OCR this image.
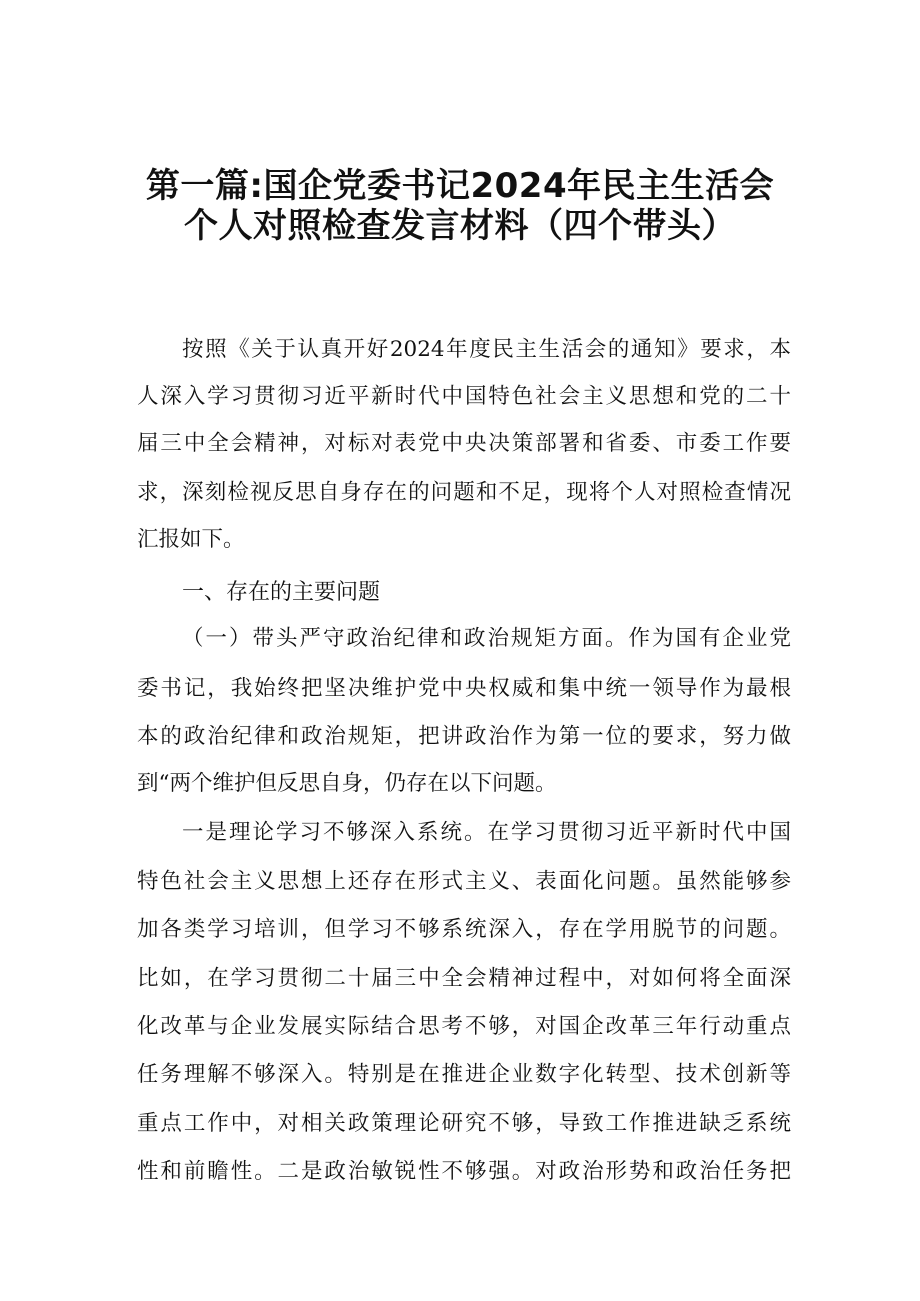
第一篇:国企党委书记2024年民主生活会
个人对照检查发言材料（四个带头）
按照《关于认真开好2024年度民主生活会的通知》要求，本
人深入学习贯彻习近平新时代中国特色社会主义思想和党的二十
届三中全会精神，对标对表党中央决策部署和省委、市委工作要
求，深刻检视反思自身存在的问题和不足，现将个人对照检查情况
汇报如下。
一、存在的主要问题
（一）带头严守政治纪律和政治规矩方面。作为国有企业党
委书记，我始终把坚决维护党中央权威和集中统一领导作为最根
本的政治纪律和政治规矩，把讲政治作为第一位的要求，努力做
到“两个维护但反思自身，仍存在以下问题。
一是理论学习不够深入系统。在学习贯彻习近平新时代中国
特色社会主义思想上还存在形式主义、表面化问题。虽然能够参
加各类学习培训，但学习不够系统深入，存在学用脱节的问题。
比如，在学习贯彻二十届三中全会精神过程中，对如何将全面深
化改革与企业发展实际结合思考不够，对国企改革三年行动重点
任务理解不够深入。特别是在推进企业数字化转型、技术创新等
重点工作中，对相关政策理论研究不够，导致工作推进缺乏系统
性和前瞻性。二是政治敏锐性不够强。对政治形势和政治任务把
